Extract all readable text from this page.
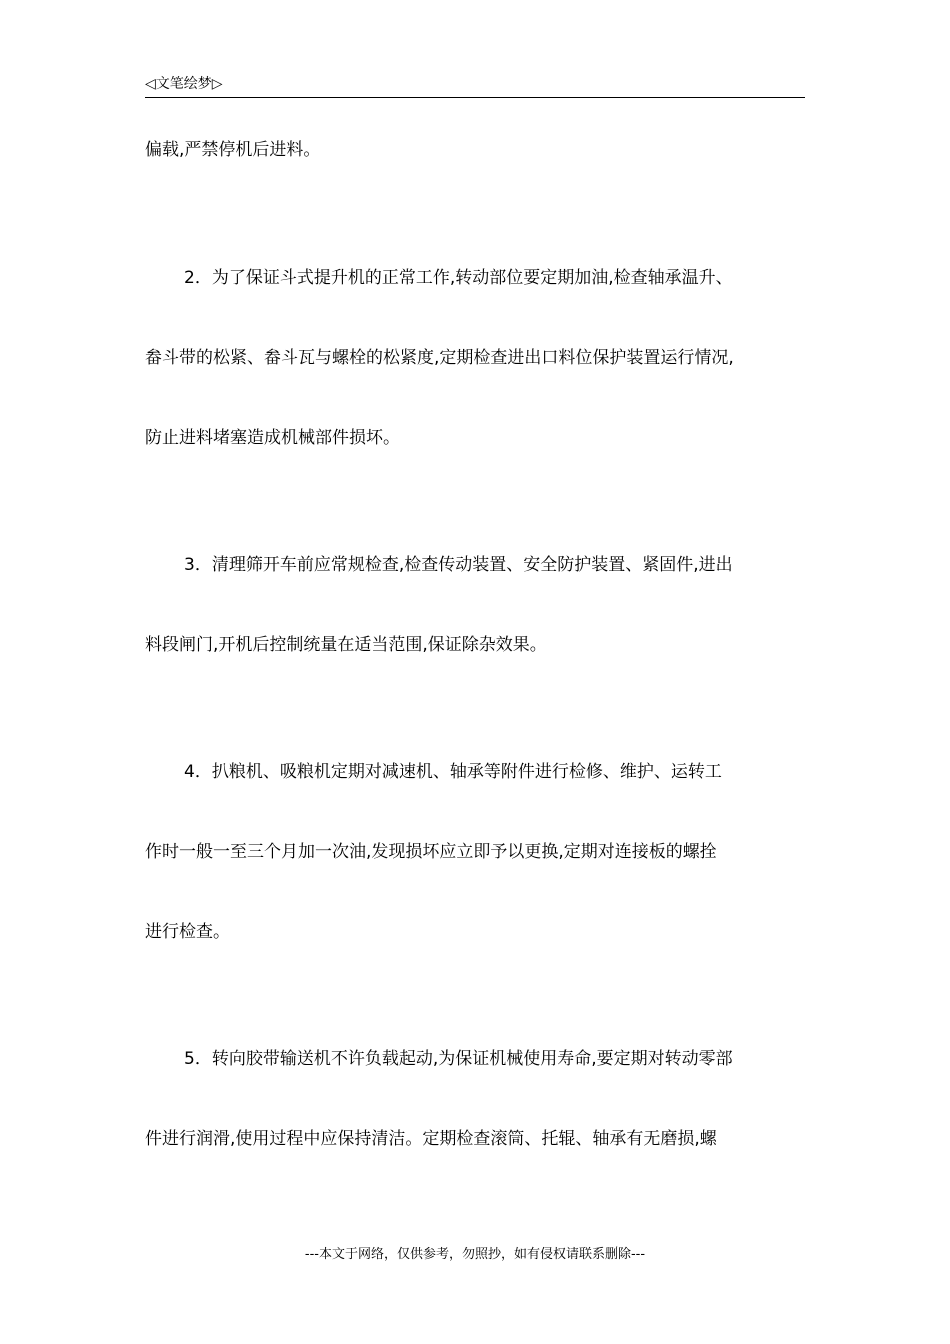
◁文笔绘梦▷
偏载,严禁停机后进料。
2．为了保证斗式提升机的正常工作,转动部位要定期加油,检查轴承温升、
畚斗带的松紧、畚斗瓦与螺栓的松紧度,定期检查进出口料位保护装置运行情况,
防止进料堵塞造成机械部件损坏。
3．清理筛开车前应常规检查,检查传动装置、安全防护装置、紧固件,进出
料段闸门,开机后控制统量在适当范围,保证除杂效果。
4．扒粮机、吸粮机定期对减速机、轴承等附件进行检修、维护、运转工
作时一般一至三个月加一次油,发现损坏应立即予以更换,定期对连接板的螺拴
进行检查。
5．转向胶带输送机不许负载起动,为保证机械使用寿命,要定期对转动零部
件进行润滑,使用过程中应保持清洁。定期检查滚筒、托辊、轴承有无磨损,螺
---本文于网络，仅供参考，勿照抄，如有侵权请联系删除---
